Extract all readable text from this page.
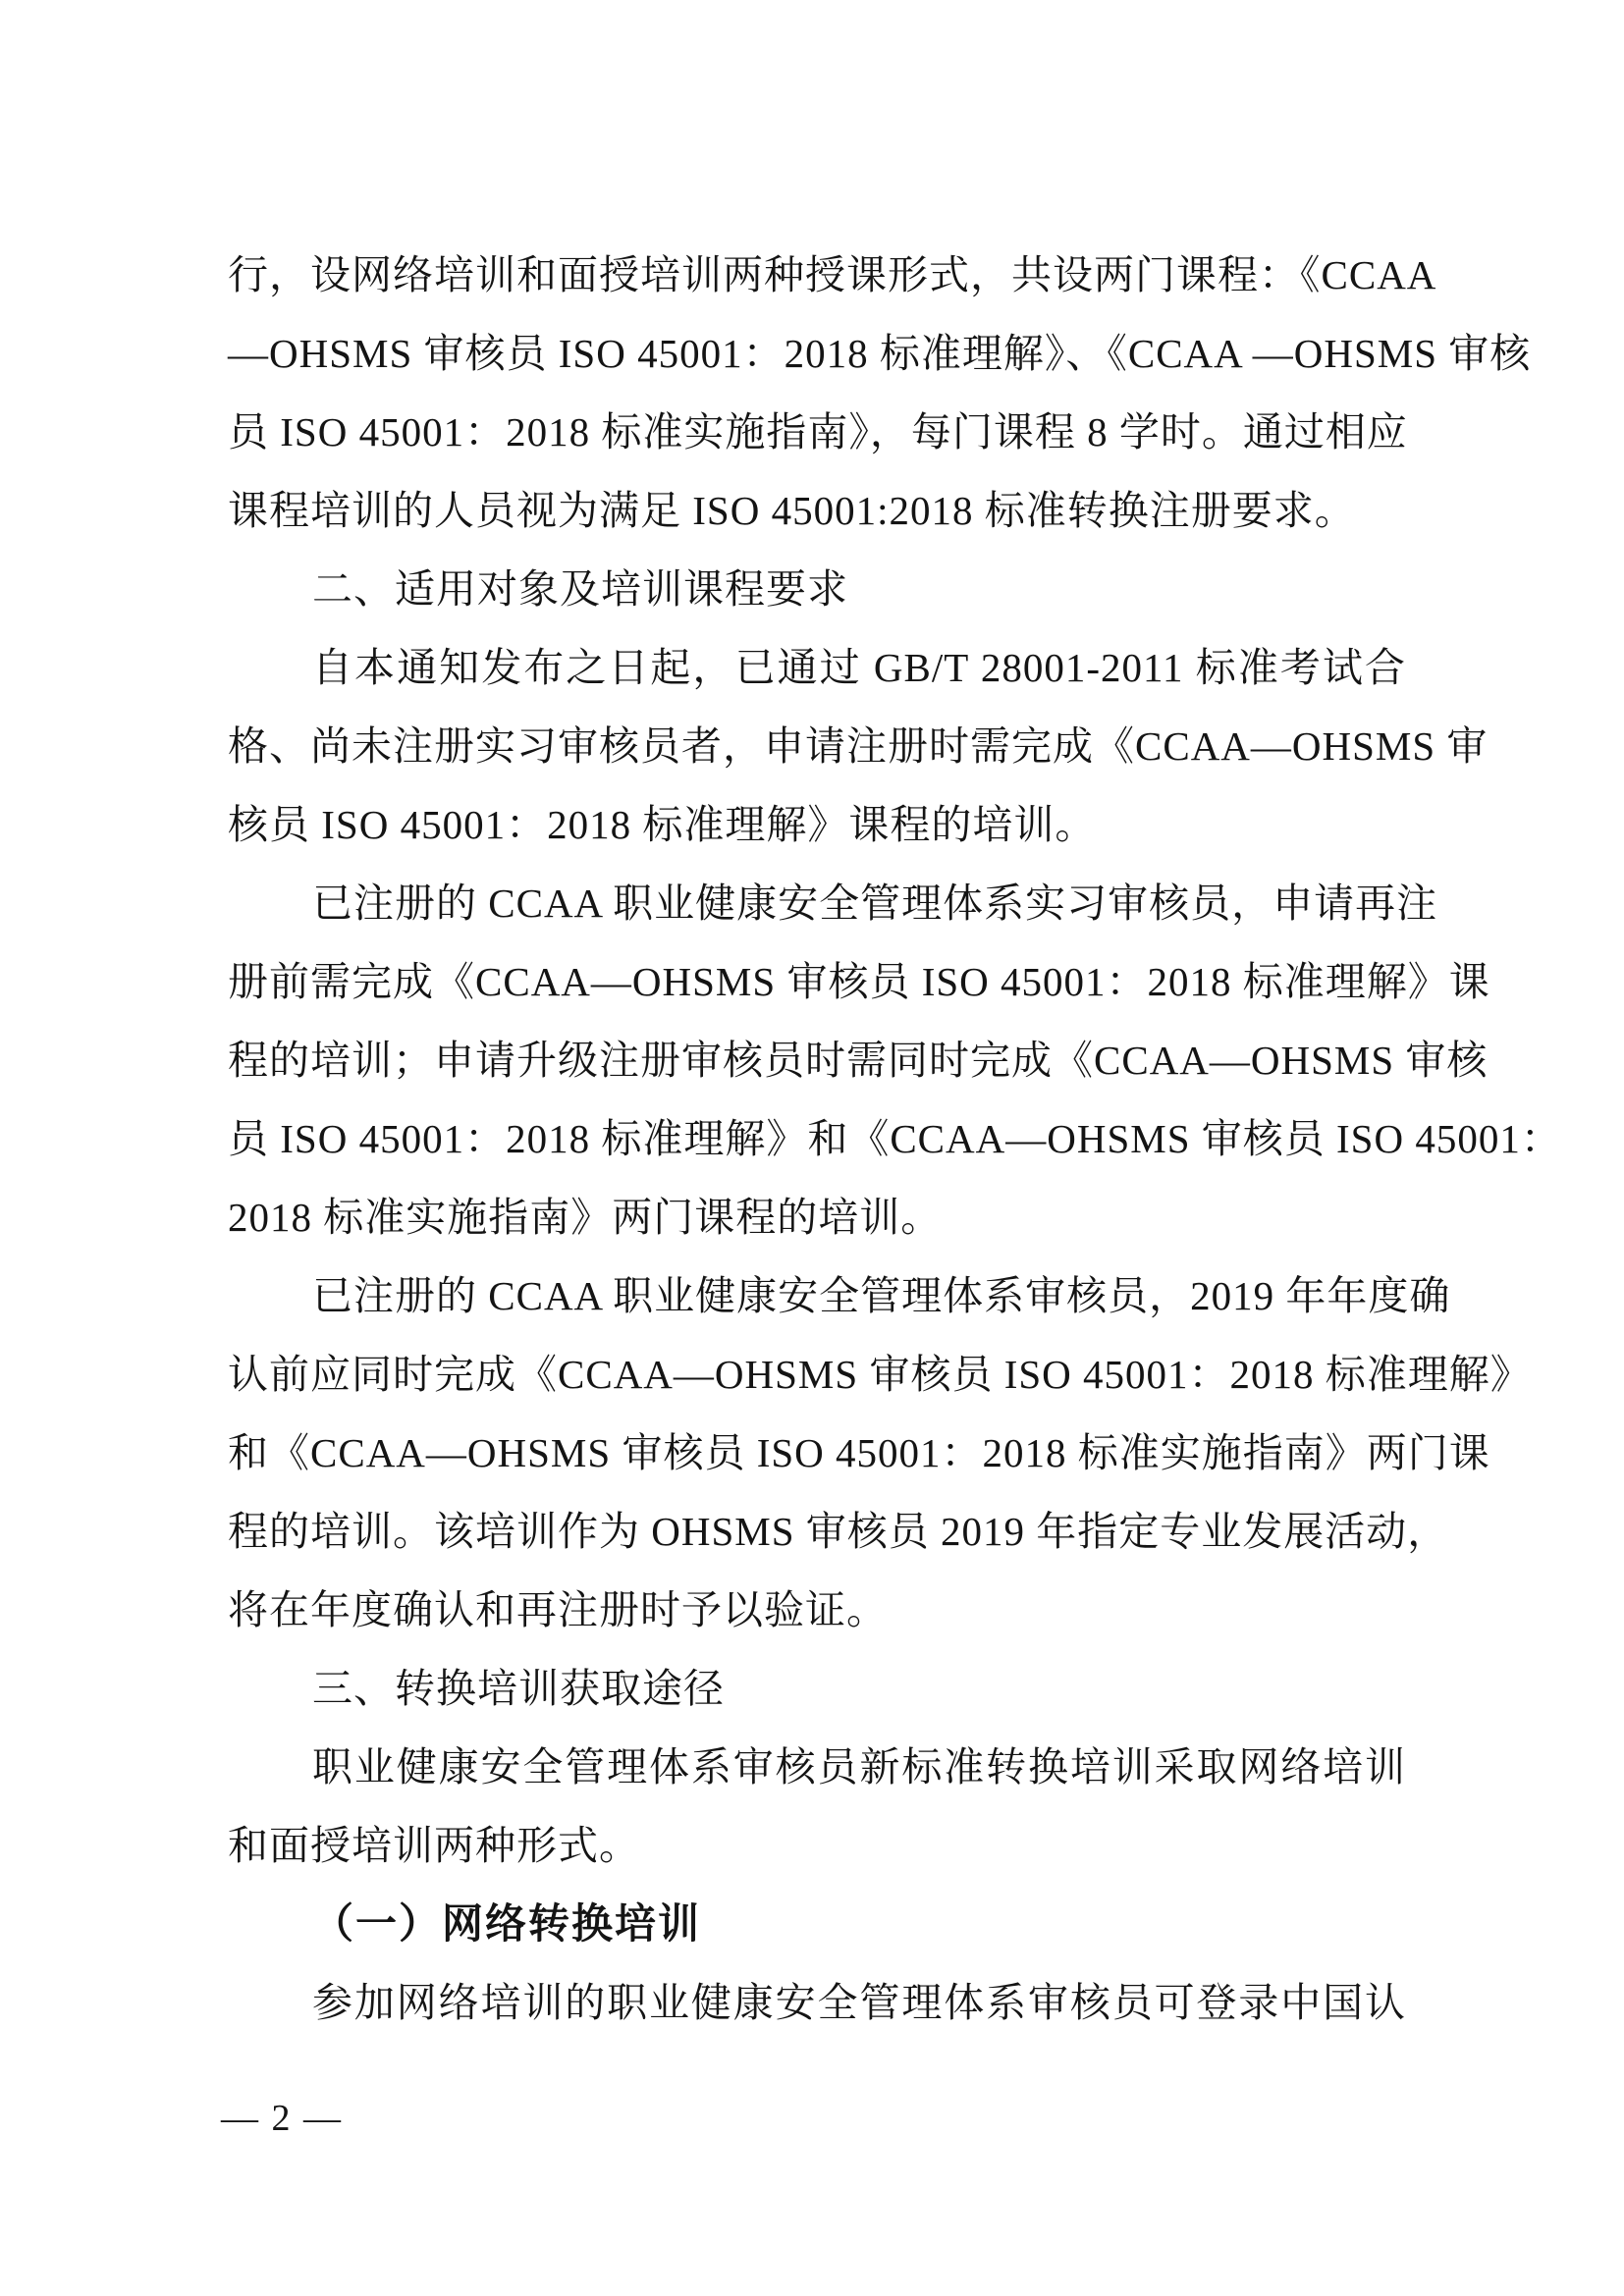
行，设网络培训和面授培训两种授课形式，共设两门课程：《CCAA
—OHSMS 审核员 ISO 45001：2018 标准理解》、《CCAA —OHSMS 审核
员 ISO 45001：2018 标准实施指南》，每门课程 8 学时。通过相应
课程培训的人员视为满足 ISO 45001:2018 标准转换注册要求。
二、适用对象及培训课程要求
自本通知发布之日起，已通过 GB/T 28001-2011 标准考试合
格、尚未注册实习审核员者，申请注册时需完成《CCAA—OHSMS 审
核员 ISO 45001：2018 标准理解》课程的培训。
已注册的 CCAA 职业健康安全管理体系实习审核员，申请再注
册前需完成《CCAA—OHSMS 审核员 ISO 45001：2018 标准理解》课
程的培训；申请升级注册审核员时需同时完成《CCAA—OHSMS 审核
员 ISO 45001：2018 标准理解》和《CCAA—OHSMS 审核员 ISO 45001：
2018 标准实施指南》两门课程的培训。
已注册的 CCAA 职业健康安全管理体系审核员，2019 年年度确
认前应同时完成《CCAA—OHSMS 审核员 ISO 45001：2018 标准理解》
和《CCAA—OHSMS 审核员 ISO 45001：2018 标准实施指南》两门课
程的培训。该培训作为 OHSMS 审核员 2019 年指定专业发展活动，
将在年度确认和再注册时予以验证。
三、转换培训获取途径
职业健康安全管理体系审核员新标准转换培训采取网络培训
和面授培训两种形式。
（一）网络转换培训
参加网络培训的职业健康安全管理体系审核员可登录中国认
— 2 —
